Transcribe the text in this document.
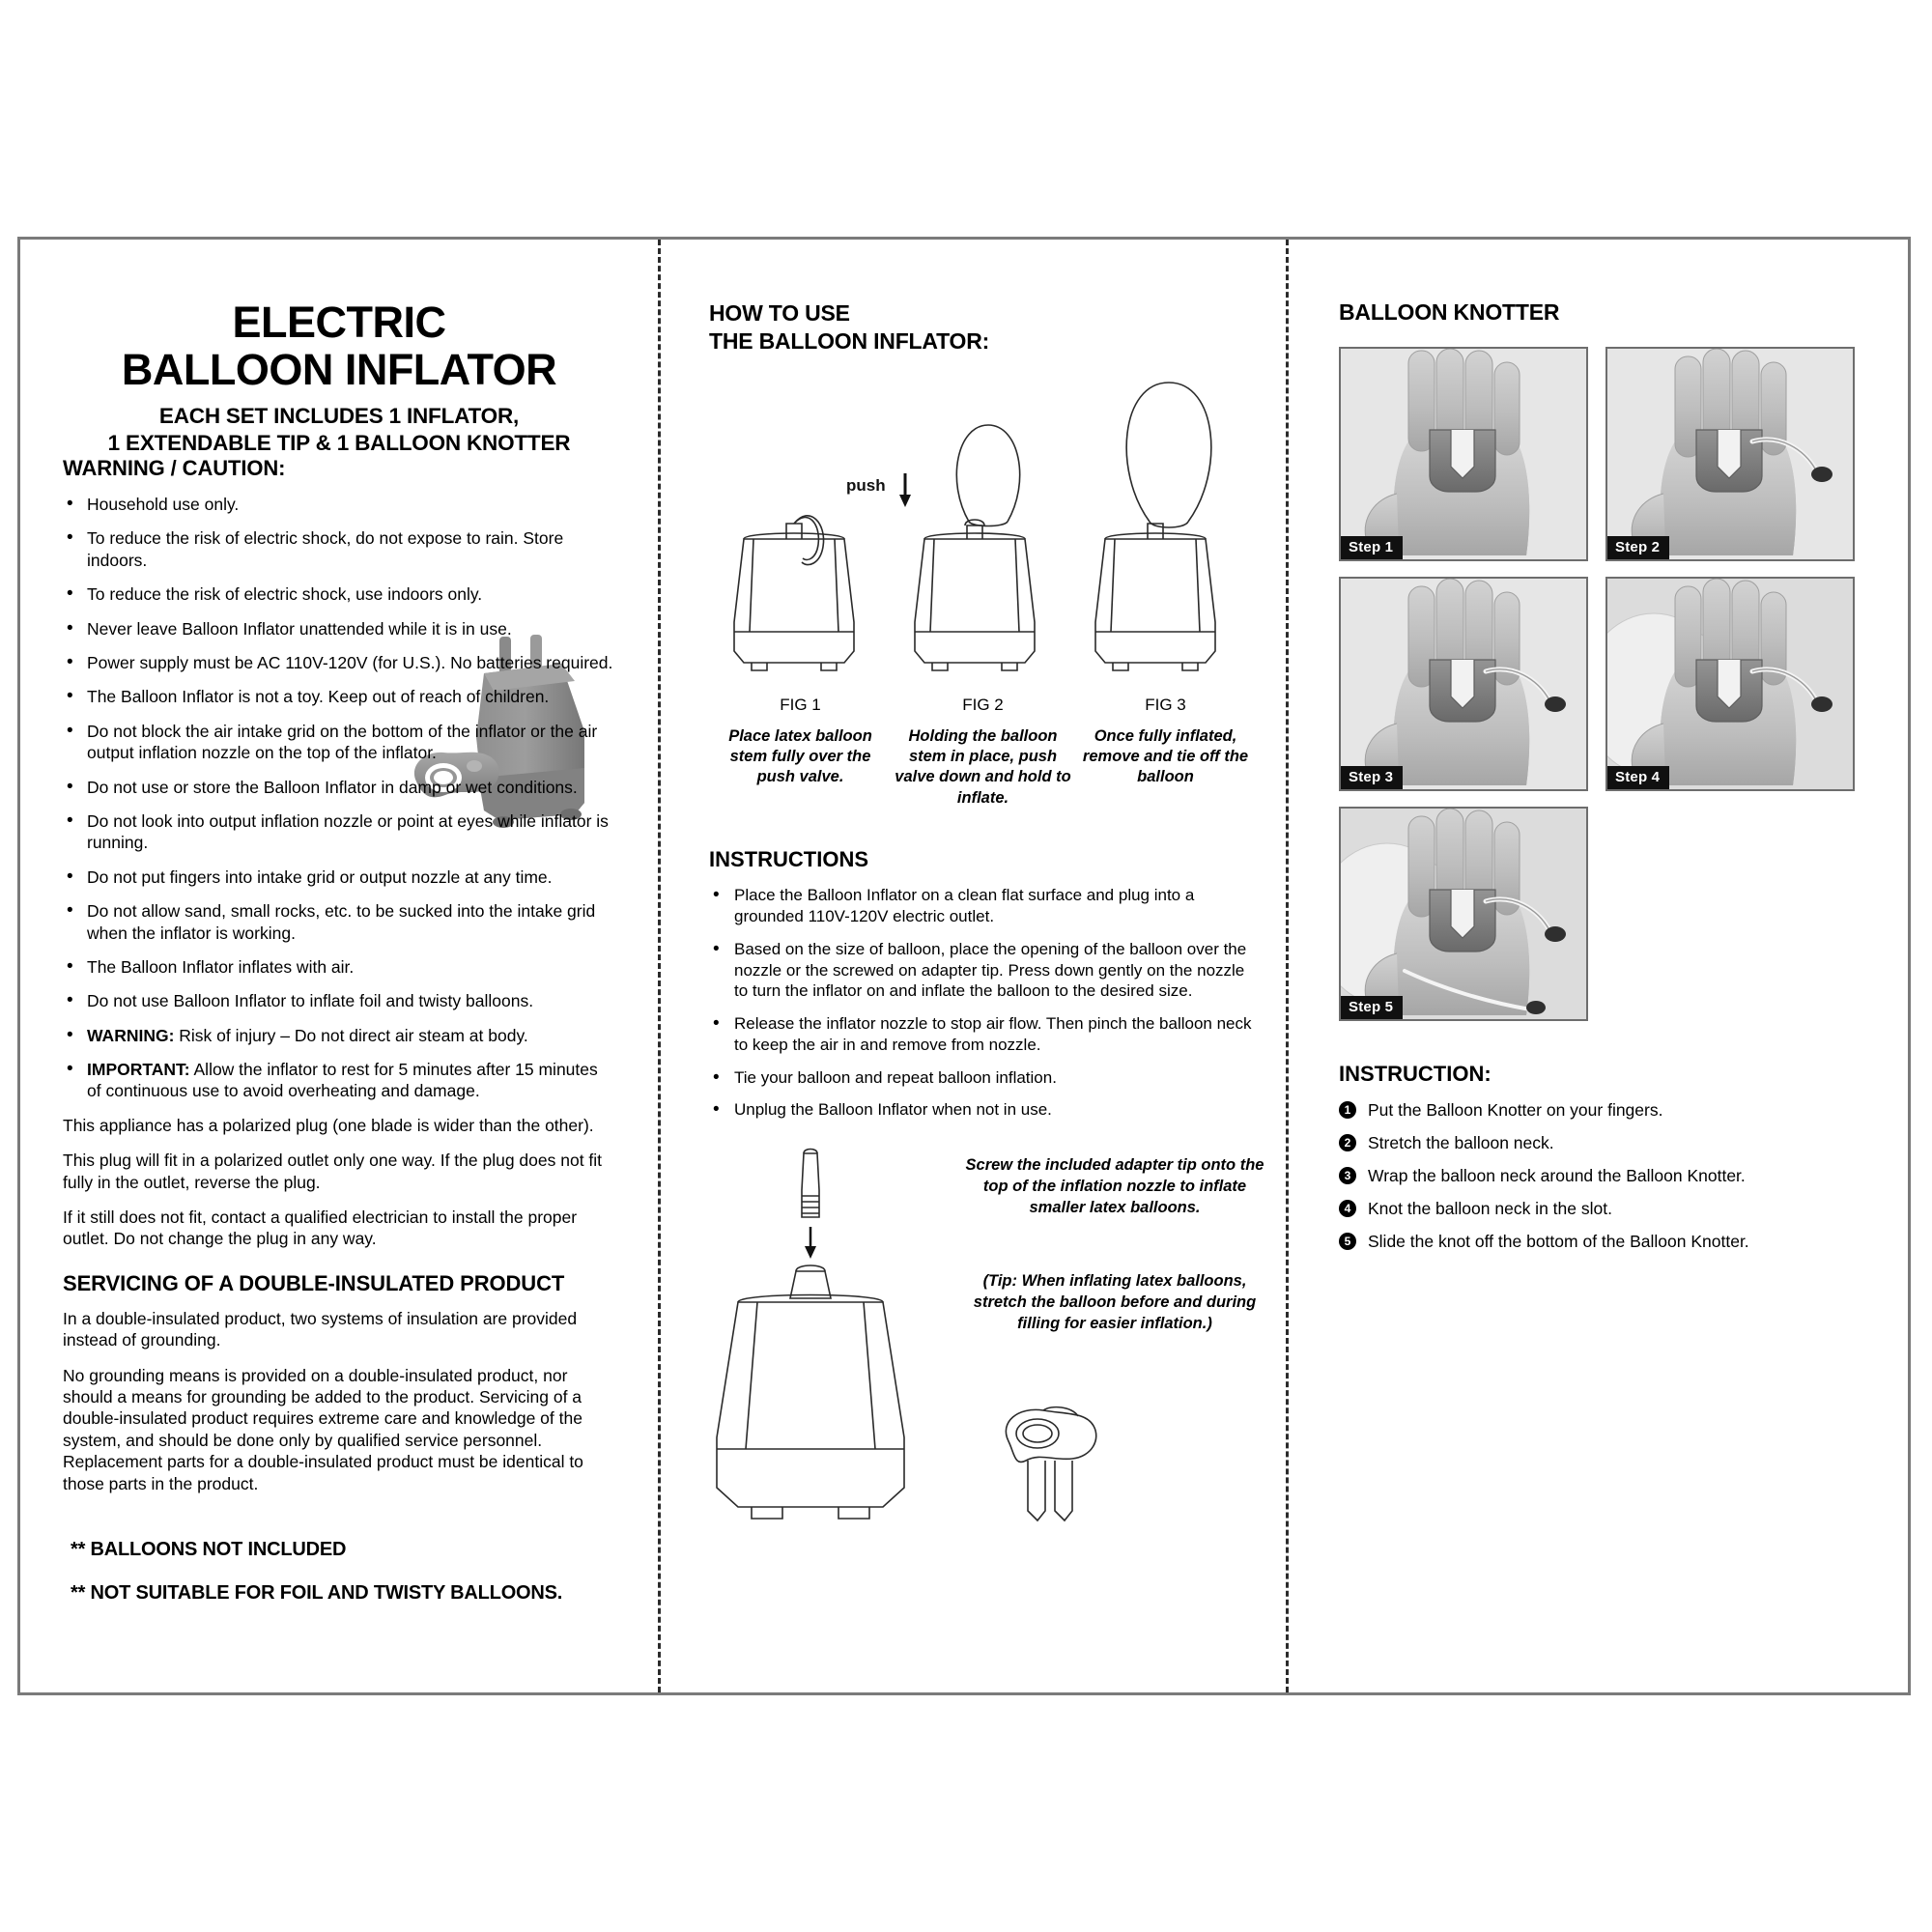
ELECTRIC
BALLOON INFLATOR
EACH SET INCLUDES 1 INFLATOR,
1 EXTENDABLE TIP & 1 BALLOON KNOTTER
WARNING / CAUTION:
• Household use only.
• To reduce the risk of electric shock, do not expose to rain. Store indoors.
• To reduce the risk of electric shock, use indoors only.
• Never leave Balloon Inflator unattended while it is in use.
• Power supply must be AC 110V-120V (for U.S.). No batteries required.
• The Balloon Inflator is not a toy. Keep out of reach of children.
• Do not block the air intake grid on the bottom of the inflator or the air output inflation nozzle on the top of the inflator.
• Do not use or store the Balloon Inflator in damp or wet conditions.
• Do not look into output inflation nozzle or point at eyes while inflator is running.
• Do not put fingers into intake grid or output nozzle at any time.
• Do not allow sand, small rocks, etc. to be sucked into the intake grid when the inflator is working.
• The Balloon Inflator inflates with air.
• Do not use Balloon Inflator to inflate foil and twisty balloons.
• WARNING: Risk of injury – Do not direct air steam at body.
• IMPORTANT: Allow the inflator to rest for 5 minutes after 15 minutes of continuous use to avoid overheating and damage.

This appliance has a polarized plug (one blade is wider than the other).

This plug will fit in a polarized outlet only one way. If the plug does not fit fully in the outlet, reverse the plug.

If it still does not fit, contact a qualified electrician to install the proper outlet. Do not change the plug in any way.

SERVICING OF A DOUBLE-INSULATED PRODUCT

In a double-insulated product, two systems of insulation are provided instead of grounding.

No grounding means is provided on a double-insulated product, nor should a means for grounding be added to the product. Servicing of a double-insulated product requires extreme care and knowledge of the system, and should be done only by qualified service personnel. Replacement parts for a double-insulated product must be identical to those parts in the product.

HOW TO USE
THE BALLOON INFLATOR:
push
FIG 1
Place latex balloon stem fully over the push valve.
FIG 2
Holding the balloon stem in place, push valve down and hold to inflate.
FIG 3
Once fully inflated, remove and tie off the balloon
INSTRUCTIONS
• Place the Balloon Inflator on a clean flat surface and plug into a grounded 110V-120V electric outlet.
• Based on the size of balloon, place the opening of the balloon over the nozzle or the screwed on adapter tip. Press down gently on the nozzle to turn the inflator on and inflate the balloon to the desired size.
• Release the inflator nozzle to stop air flow. Then pinch the balloon neck to keep the air in and remove from nozzle.
• Tie your balloon and repeat balloon inflation.
• Unplug the Balloon Inflator when not in use.
Screw the included adapter tip onto the top of the inflation nozzle to inflate smaller latex balloons.
(Tip: When inflating latex balloons, stretch the balloon before and during filling for easier inflation.)
BALLOON KNOTTER
Step 1	Step 2
Step 3	Step 4
Step 5
INSTRUCTION:
1	Put the Balloon Knotter on your fingers.
2	Stretch the balloon neck.
3	Wrap the balloon neck around the Balloon Knotter.
4	Knot the balloon neck in the slot.
5	Slide the knot off the bottom of the Balloon Knotter.
** BALLOONS NOT INCLUDED
** NOT SUITABLE FOR FOIL AND TWISTY BALLOONS.
